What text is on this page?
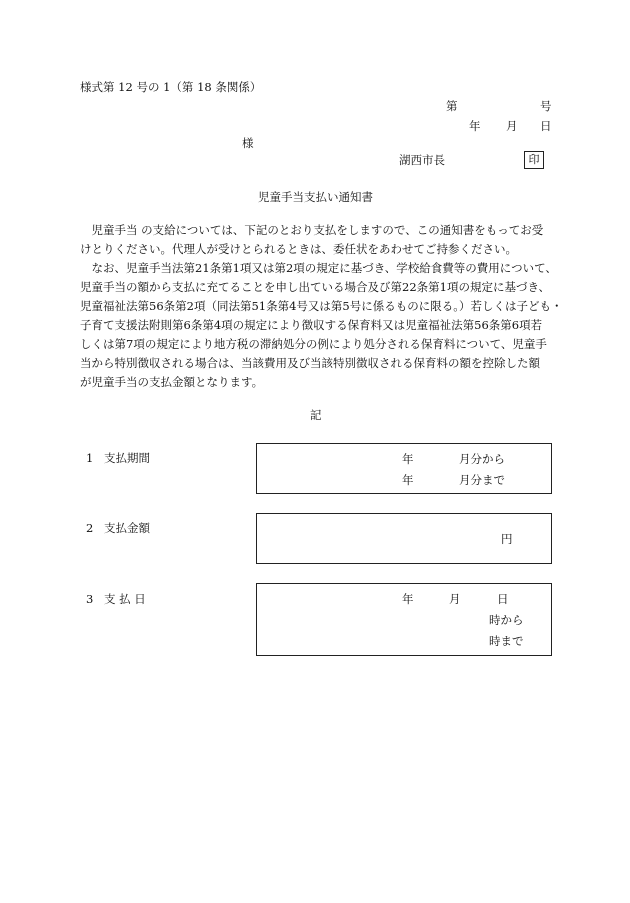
様式第 12 号の 1（第 18 条関係）
第	号
年 月 日
様
湖西市長	印
児童手当支払い通知書
　児童手当 の支給については、下記のとおり支払をしますので、この通知書をもってお受
けとりください。代理人が受けとられるときは、委任状をあわせてご持参ください。
　なお、児童手当法第21条第1項又は第2項の規定に基づき、学校給食費等の費用について、
児童手当の額から支払に充てることを申し出ている場合及び第22条第1項の規定に基づき、
児童福祉法第56条第2項（同法第51条第4号又は第5号に係るものに限る。）若しくは子ども・
子育て支援法附則第6条第4項の規定により徴収する保育料又は児童福祉法第56条第6項若
しくは第7項の規定により地方税の滞納処分の例により処分される保育料について、児童手
当から特別徴収される場合は、当該費用及び当該特別徴収される保育料の額を控除した額
が児童手当の支払金額となります。
記
1 支払期間	年	月分から
年	月分まで
2 支払金額
円
3 支 払 日	年	月	日
時から
時まで
